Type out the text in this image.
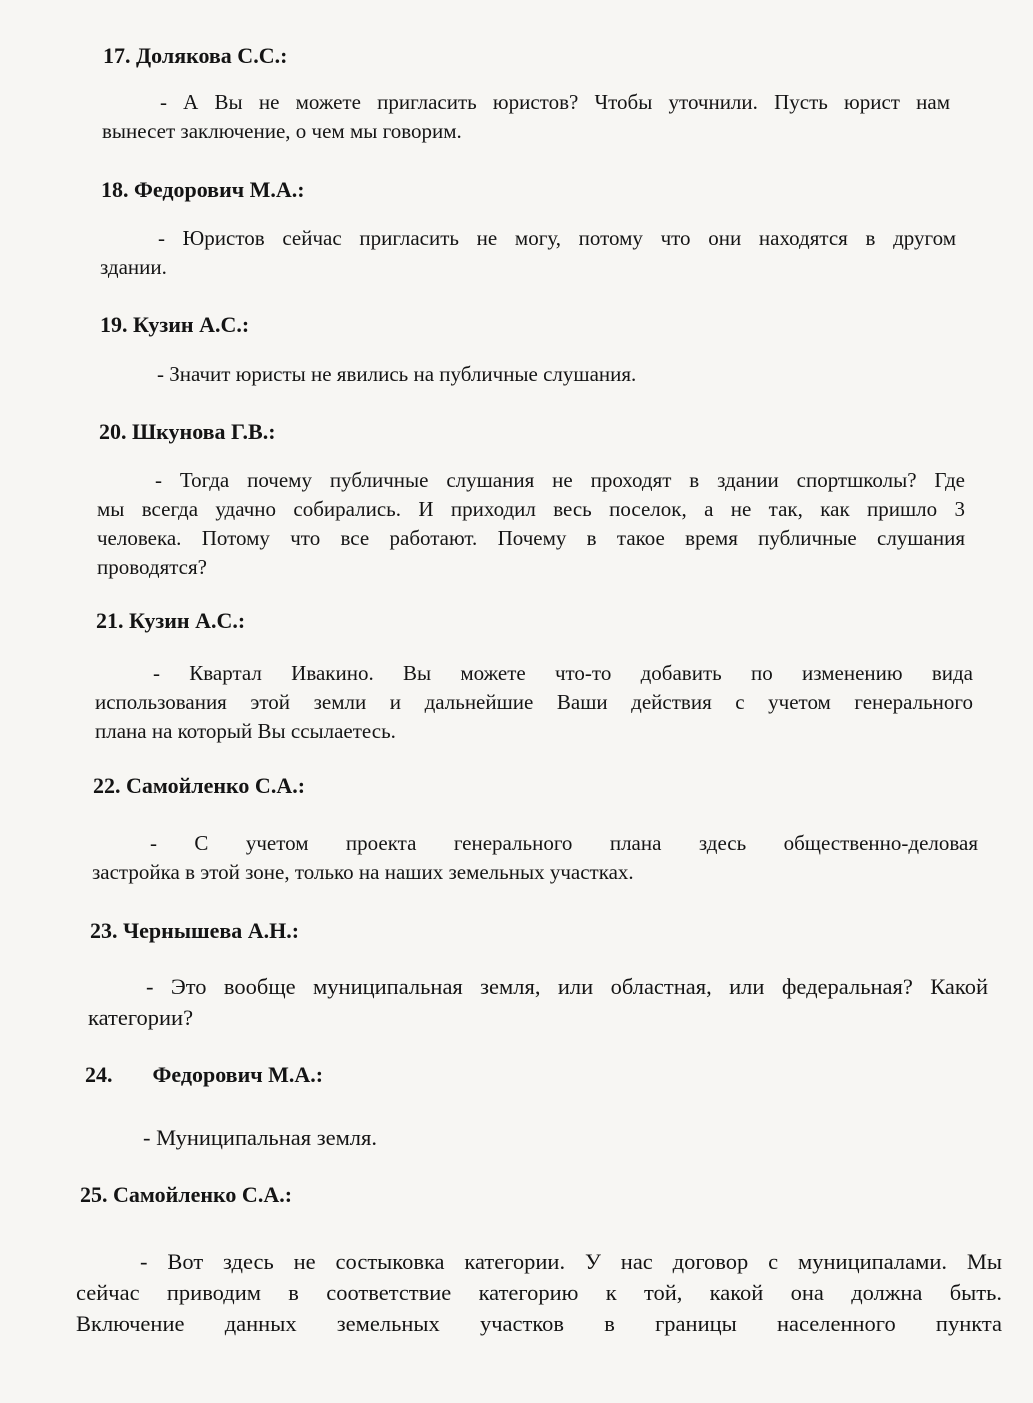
17. Долякова С.С.:

- А Вы не можете пригласить юристов? Чтобы уточнили. Пусть юрист нам
вынесет заключение, о чем мы говорим.

18. Федорович М.А.:

- Юристов сейчас пригласить не могу, потому что они находятся в другом
здании.

19. Кузин А.С.:

- Значит юристы не явились на публичные слушания.

20. Шкунова Г.В.:

- Тогда почему публичные слушания не проходят в здании спортшколы? Где
мы всегда удачно собирались. И приходил весь поселок, а не так, как пришло 3
человека. Потому что все работают. Почему в такое время публичные слушания
проводятся?

21. Кузин А.С.:

- Квартал Ивакино. Вы можете что-то добавить по изменению вида
использования этой земли и дальнейшие Ваши действия с учетом генерального
плана на который Вы ссылаетесь.

22. Самойленко С.А.:

- С учетом проекта генерального плана здесь общественно-деловая
застройка в этой зоне, только на наших земельных участках.

23. Чернышева А.Н.:

- Это вообще муниципальная земля, или областная, или федеральная? Какой
категории?

24. Федорович М.А.:

- Муниципальная земля.

25. Самойленко С.А.:

- Вот здесь не состыковка категории. У нас договор с муниципалами. Мы
сейчас приводим в соответствие категорию к той, какой она должна быть.
Включение данных земельных участков в границы населенного пункта
